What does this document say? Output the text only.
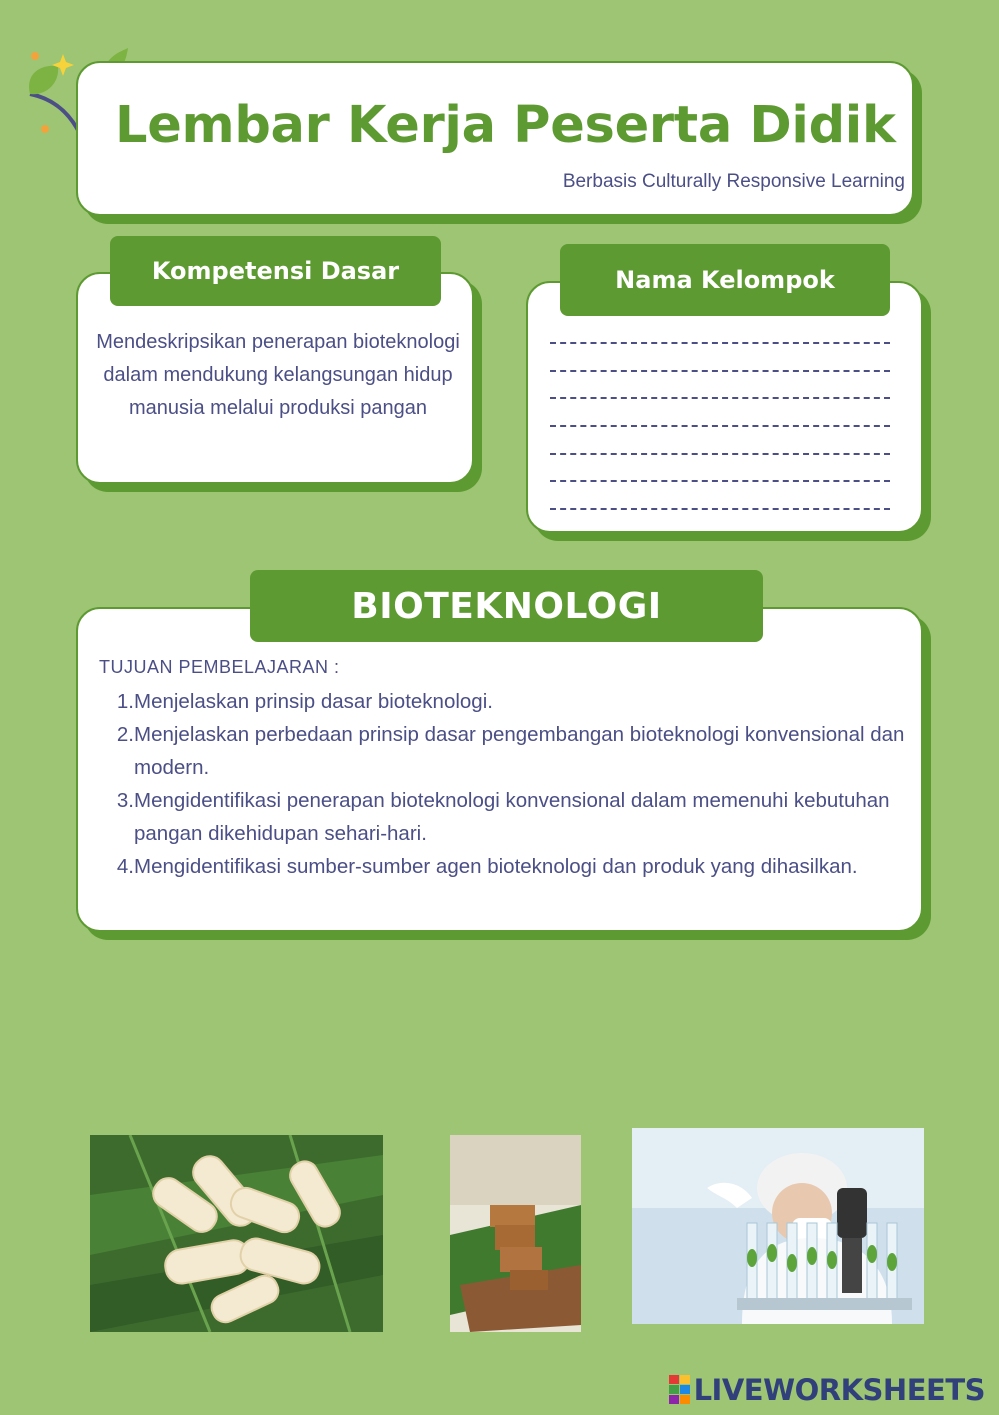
Lembar Kerja Peserta Didik
Berbasis Culturally Responsive Learning
Kompetensi Dasar
Mendeskripsikan penerapan bioteknologi dalam mendukung kelangsungan hidup manusia melalui produksi pangan
Nama Kelompok
BIOTEKNOLOGI
TUJUAN PEMBELAJARAN :
1. Menjelaskan prinsip dasar bioteknologi.
2. Menjelaskan perbedaan prinsip dasar pengembangan bioteknologi konvensional dan modern.
3. Mengidentifikasi penerapan bioteknologi konvensional dalam memenuhi kebutuhan pangan dikehidupan sehari-hari.
4. Mengidentifikasi sumber-sumber agen bioteknologi dan produk yang dihasilkan.
LIVEWORKSHEETS
